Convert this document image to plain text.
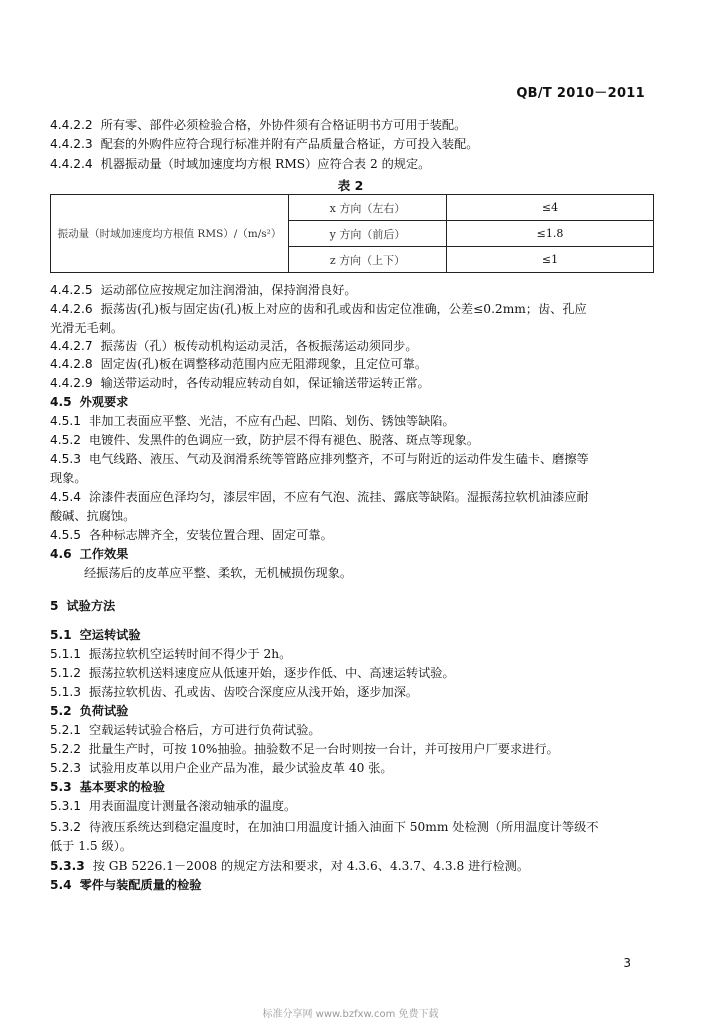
QB/T 2010－2011
4.4.2.2 所有零、部件必须检验合格，外协件须有合格证明书方可用于装配。
4.4.2.3 配套的外购件应符合现行标准并附有产品质量合格证，方可投入装配。
4.4.2.4 机器振动量（时域加速度均方根 RMS）应符合表 2 的规定。
表 2
振动量（时域加速度均方根值 RMS）/（m/s²）	x 方向（左右）	≤4
	y 方向（前后）	≤1.8
	z 方向（上下）	≤1
4.4.2.5 运动部位应按规定加注润滑油，保持润滑良好。
4.4.2.6 振荡齿(孔)板与固定齿(孔)板上对应的齿和孔或齿和齿定位准确，公差≤0.2mm；齿、孔应
光滑无毛刺。
4.4.2.7 振荡齿（孔）板传动机构运动灵活，各板振荡运动须同步。
4.4.2.8 固定齿(孔)板在调整移动范围内应无阻滞现象，且定位可靠。
4.4.2.9 输送带运动时，各传动辊应转动自如，保证输送带运转正常。
4.5 外观要求
4.5.1 非加工表面应平整、光洁，不应有凸起、凹陷、划伤、锈蚀等缺陷。
4.5.2 电镀件、发黑件的色调应一致，防护层不得有褪色、脱落、斑点等现象。
4.5.3 电气线路、液压、气动及润滑系统等管路应排列整齐，不可与附近的运动件发生磕卡、磨擦等
现象。
4.5.4 涂漆件表面应色泽均匀，漆层牢固，不应有气泡、流挂、露底等缺陷。湿振荡拉软机油漆应耐
酸碱、抗腐蚀。
4.5.5 各种标志牌齐全，安装位置合理、固定可靠。
4.6 工作效果
经振荡后的皮革应平整、柔软，无机械损伤现象。
5 试验方法
5.1 空运转试验
5.1.1 振荡拉软机空运转时间不得少于 2h。
5.1.2 振荡拉软机送料速度应从低速开始，逐步作低、中、高速运转试验。
5.1.3 振荡拉软机齿、孔或齿、齿咬合深度应从浅开始，逐步加深。
5.2 负荷试验
5.2.1 空载运转试验合格后，方可进行负荷试验。
5.2.2 批量生产时，可按 10%抽验。抽验数不足一台时则按一台计，并可按用户厂要求进行。
5.2.3 试验用皮革以用户企业产品为准，最少试验皮革 40 张。
5.3 基本要求的检验
5.3.1 用表面温度计测量各滚动轴承的温度。
5.3.2 待液压系统达到稳定温度时，在加油口用温度计插入油面下 50mm 处检测（所用温度计等级不
低于 1.5 级）。
5.3.3 按 GB 5226.1－2008 的规定方法和要求，对 4.3.6、4.3.7、4.3.8 进行检测。
5.4 零件与装配质量的检验
3
标准分享网 www.bzfxw.com 免费下载
